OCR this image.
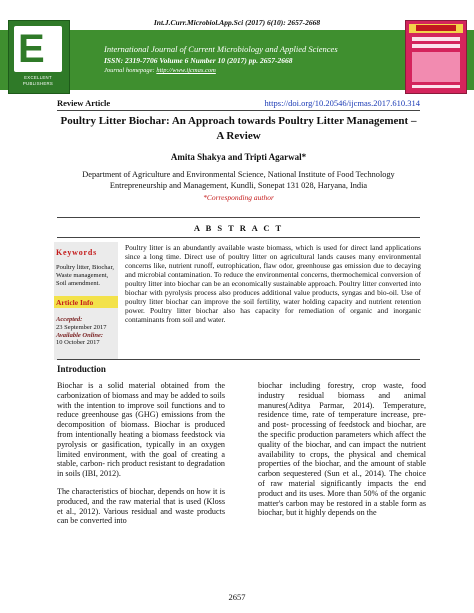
Int.J.Curr.Microbiol.App.Sci (2017) 6(10): 2657-2668
E
EXCELLENT PUBLISHERS
International Journal of Current Microbiology and Applied Sciences
ISSN: 2319-7706 Volume 6 Number 10 (2017) pp. 2657-2668
Journal homepage: http://www.ijcmas.com
Review Article	https://doi.org/10.20546/ijcmas.2017.610.314
Poultry Litter Biochar: An Approach towards Poultry Litter Management – A Review
Amita Shakya and Tripti Agarwal*
Department of Agriculture and Environmental Science, National Institute of Food Technology Entrepreneurship and Management, Kundli, Sonepat 131 028, Haryana, India
*Corresponding author
A B S T R A C T
Keywords
Poultry litter, Biochar, Waste management, Soil amendment.
Article Info
Accepted:
23 September 2017
Available Online:
10 October 2017
Poultry litter is an abundantly available waste biomass, which is used for direct land applications since a long time. Direct use of poultry litter on agricultural lands causes many environmental concerns like, nutrient runoff, eutrophication, flaw odor, greenhouse gas emission due to decaying and microbial contamination. To reduce the environmental concerns, thermochemical conversion of poultry litter into biochar can be an economically sustainable approach. Poultry litter converted into biochar with pyrolysis process also produces additional value products, syngas and bio-oil. Use of poultry litter biochar can improve the soil fertility, water holding capacity and nutrient retention power. Poultry litter biochar also has capacity for remediation of organic and inorganic contaminants from soil and water.
Introduction

Biochar is a solid material obtained from the carbonization of biomass and may be added to soils with the intention to improve soil functions and to reduce greenhouse gas (GHG) emissions from the decomposition of biomass. Biochar is produced from intentionally heating a biomass feedstock via pyrolysis or gasification, typically in an oxygen limited environment, with the goal of creating a stable, carbon- rich product resistant to degradation in soils (IBI, 2012).

The characteristics of biochar, depends on how it is produced, and the raw material that is used (Kloss et al., 2012). Various residual and waste products can be converted into

biochar including forestry, crop waste, food industry residual biomass and animal manures(Aditya Parmar, 2014). Temperature, residence time, rate of temperature increase, pre- and post- processing of feedstock and biochar, are the specific production parameters which affect the quality of the biochar, and can impact the nutrient availability to crops, the physical and chemical properties of the biochar, and the amount of stable carbon sequestered (Sun et al., 2014). The choice of raw material significantly impacts the end product and its uses. More than 50% of the organic matter's carbon may be restored in a stable form as biochar, but it highly depends on the

2657
